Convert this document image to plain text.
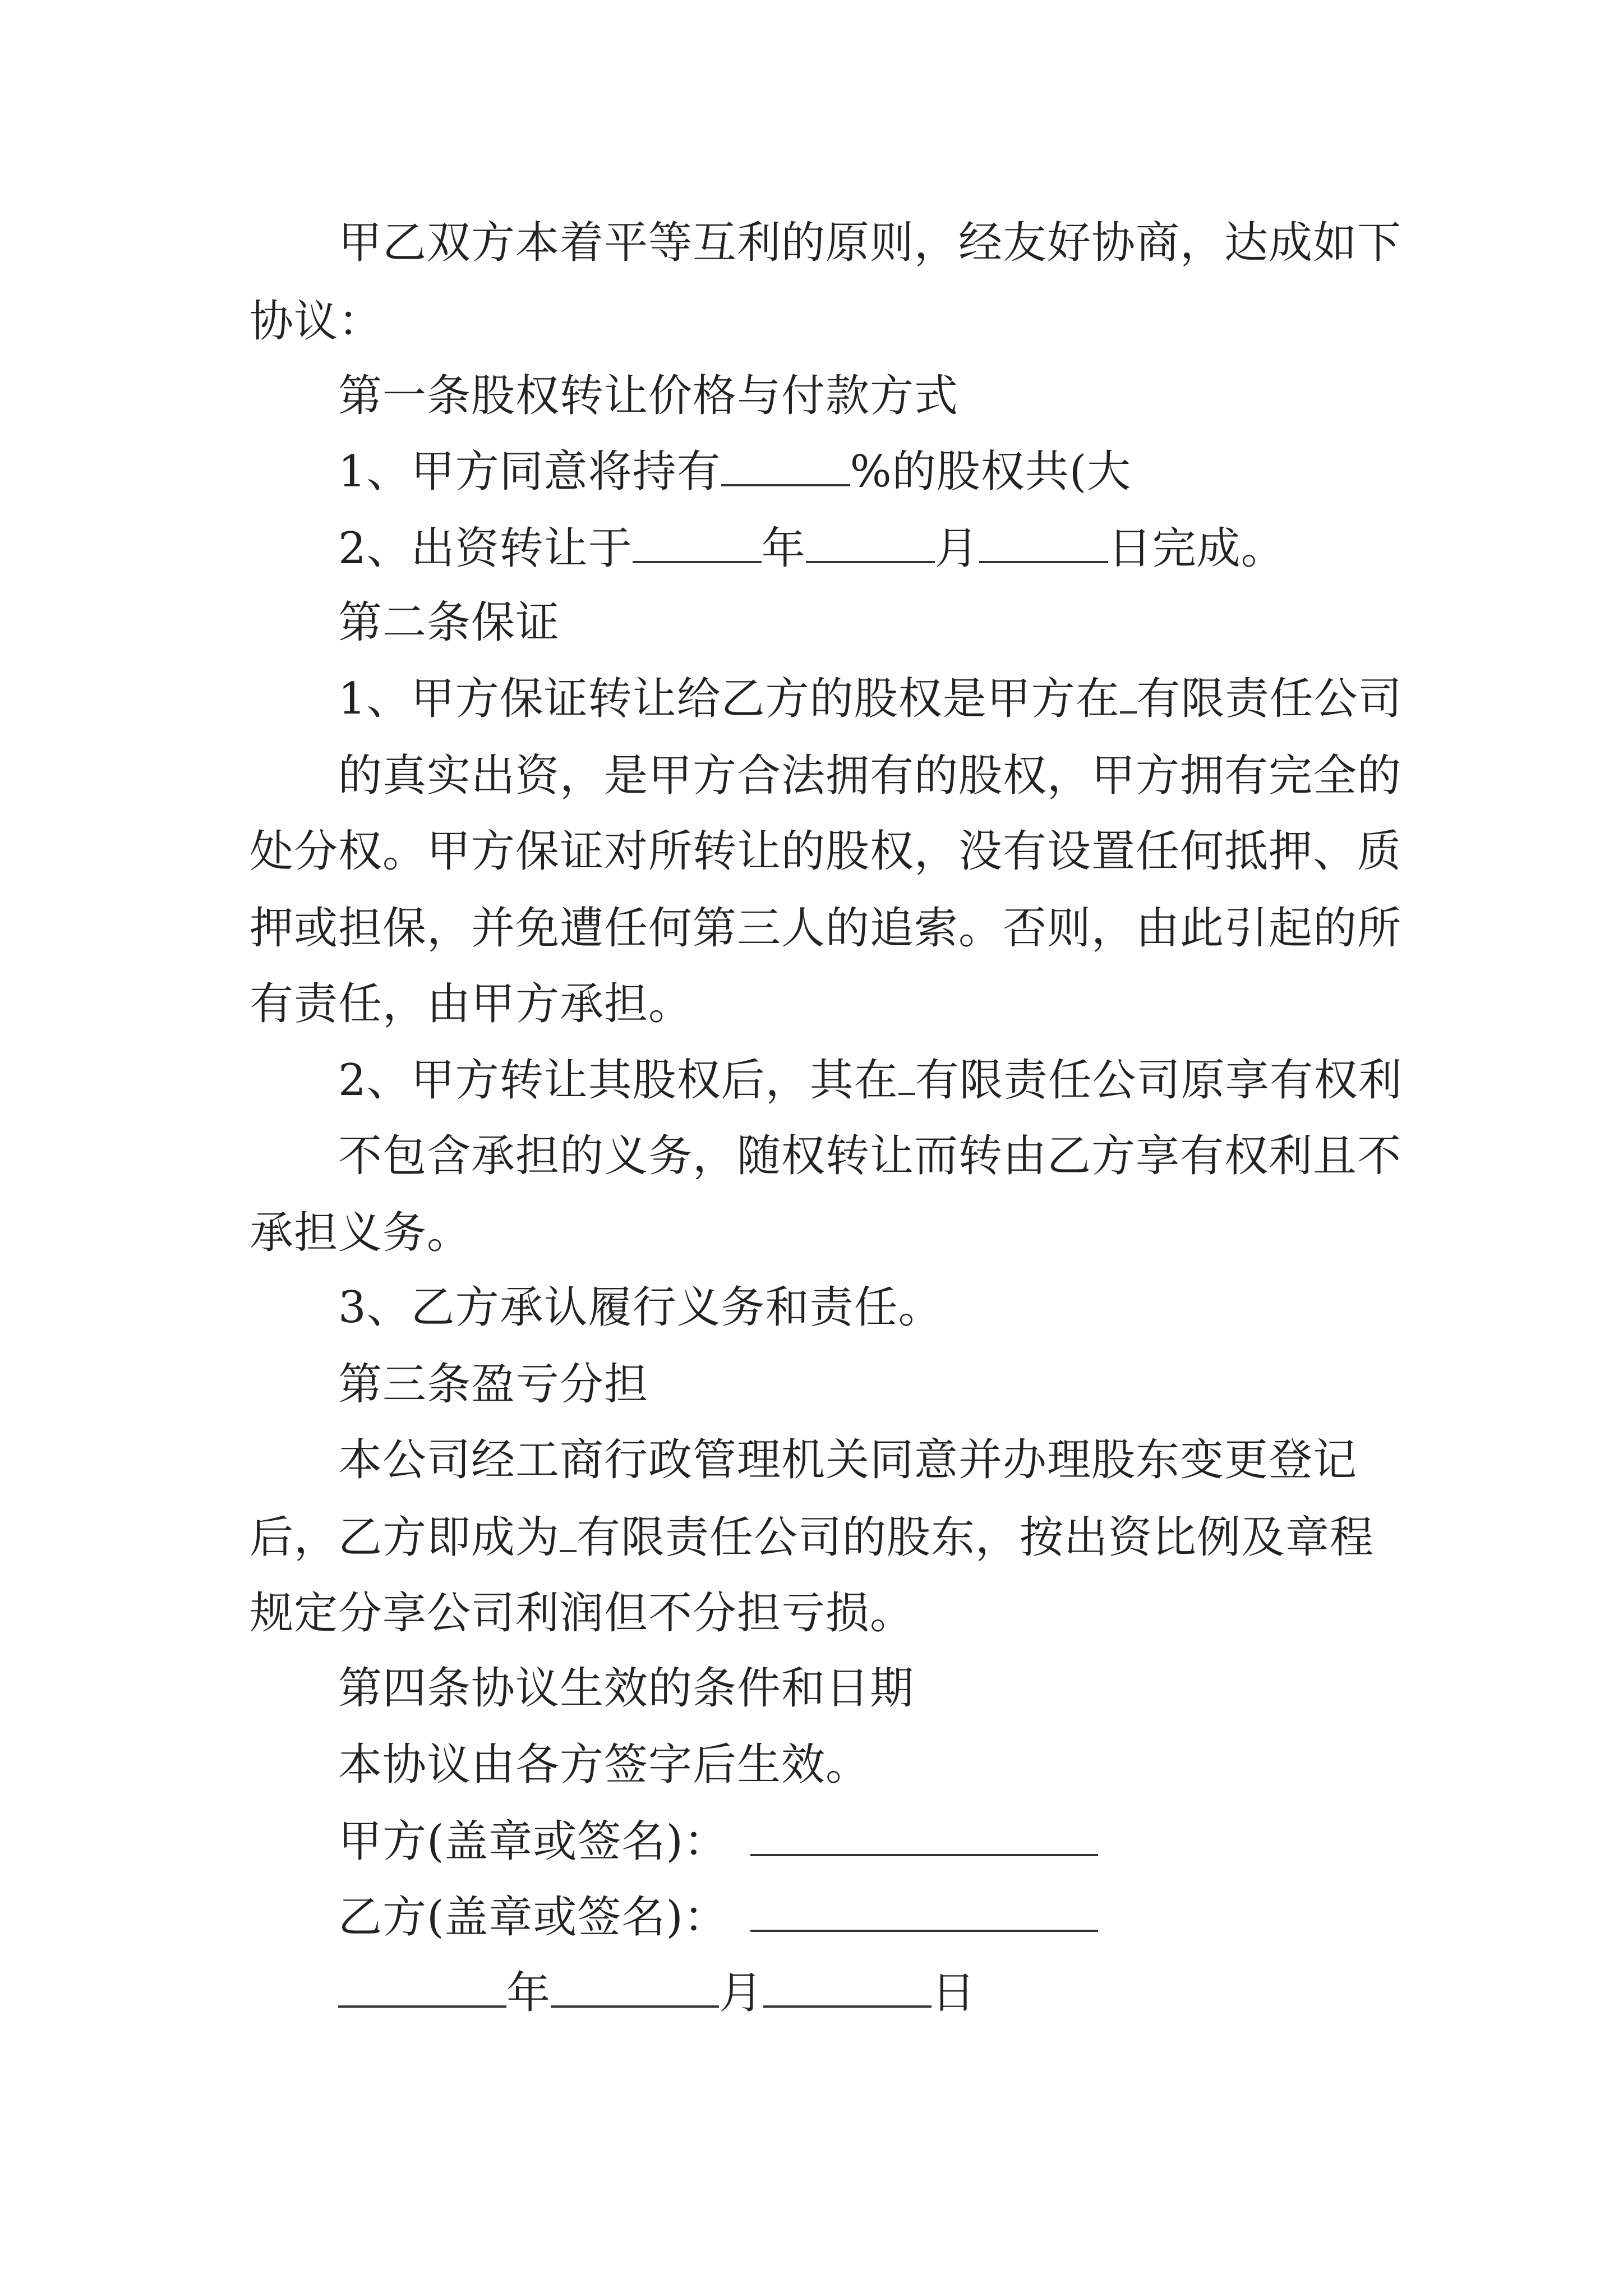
甲乙双方本着平等互利的原则，经友好协商，达成如下
协议：
第一条股权转让价格与付款方式
1、甲方同意将持有	%的股权共(大
2、出资转让于	年	月	日完成。
第二条保证
1、甲方保证转让给乙方的股权是甲方在 有限责任公司
的真实出资，是甲方合法拥有的股权，甲方拥有完全的
处分权。甲方保证对所转让的股权，没有设置任何抵押、质
押或担保，并免遭任何第三人的追索。否则，由此引起的所
有责任，由甲方承担。
2、甲方转让其股权后，其在 有限责任公司原享有权利
不包含承担的义务，随权转让而转由乙方享有权利且不
承担义务。
3、乙方承认履行义务和责任。
第三条盈亏分担
本公司经工商行政管理机关同意并办理股东变更登记
后，乙方即成为 有限责任公司的股东，按出资比例及章程
规定分享公司利润但不分担亏损。
第四条协议生效的条件和日期
本协议由各方签字后生效。
甲方(盖章或签名)：
乙方(盖章或签名)：
年	月	日
